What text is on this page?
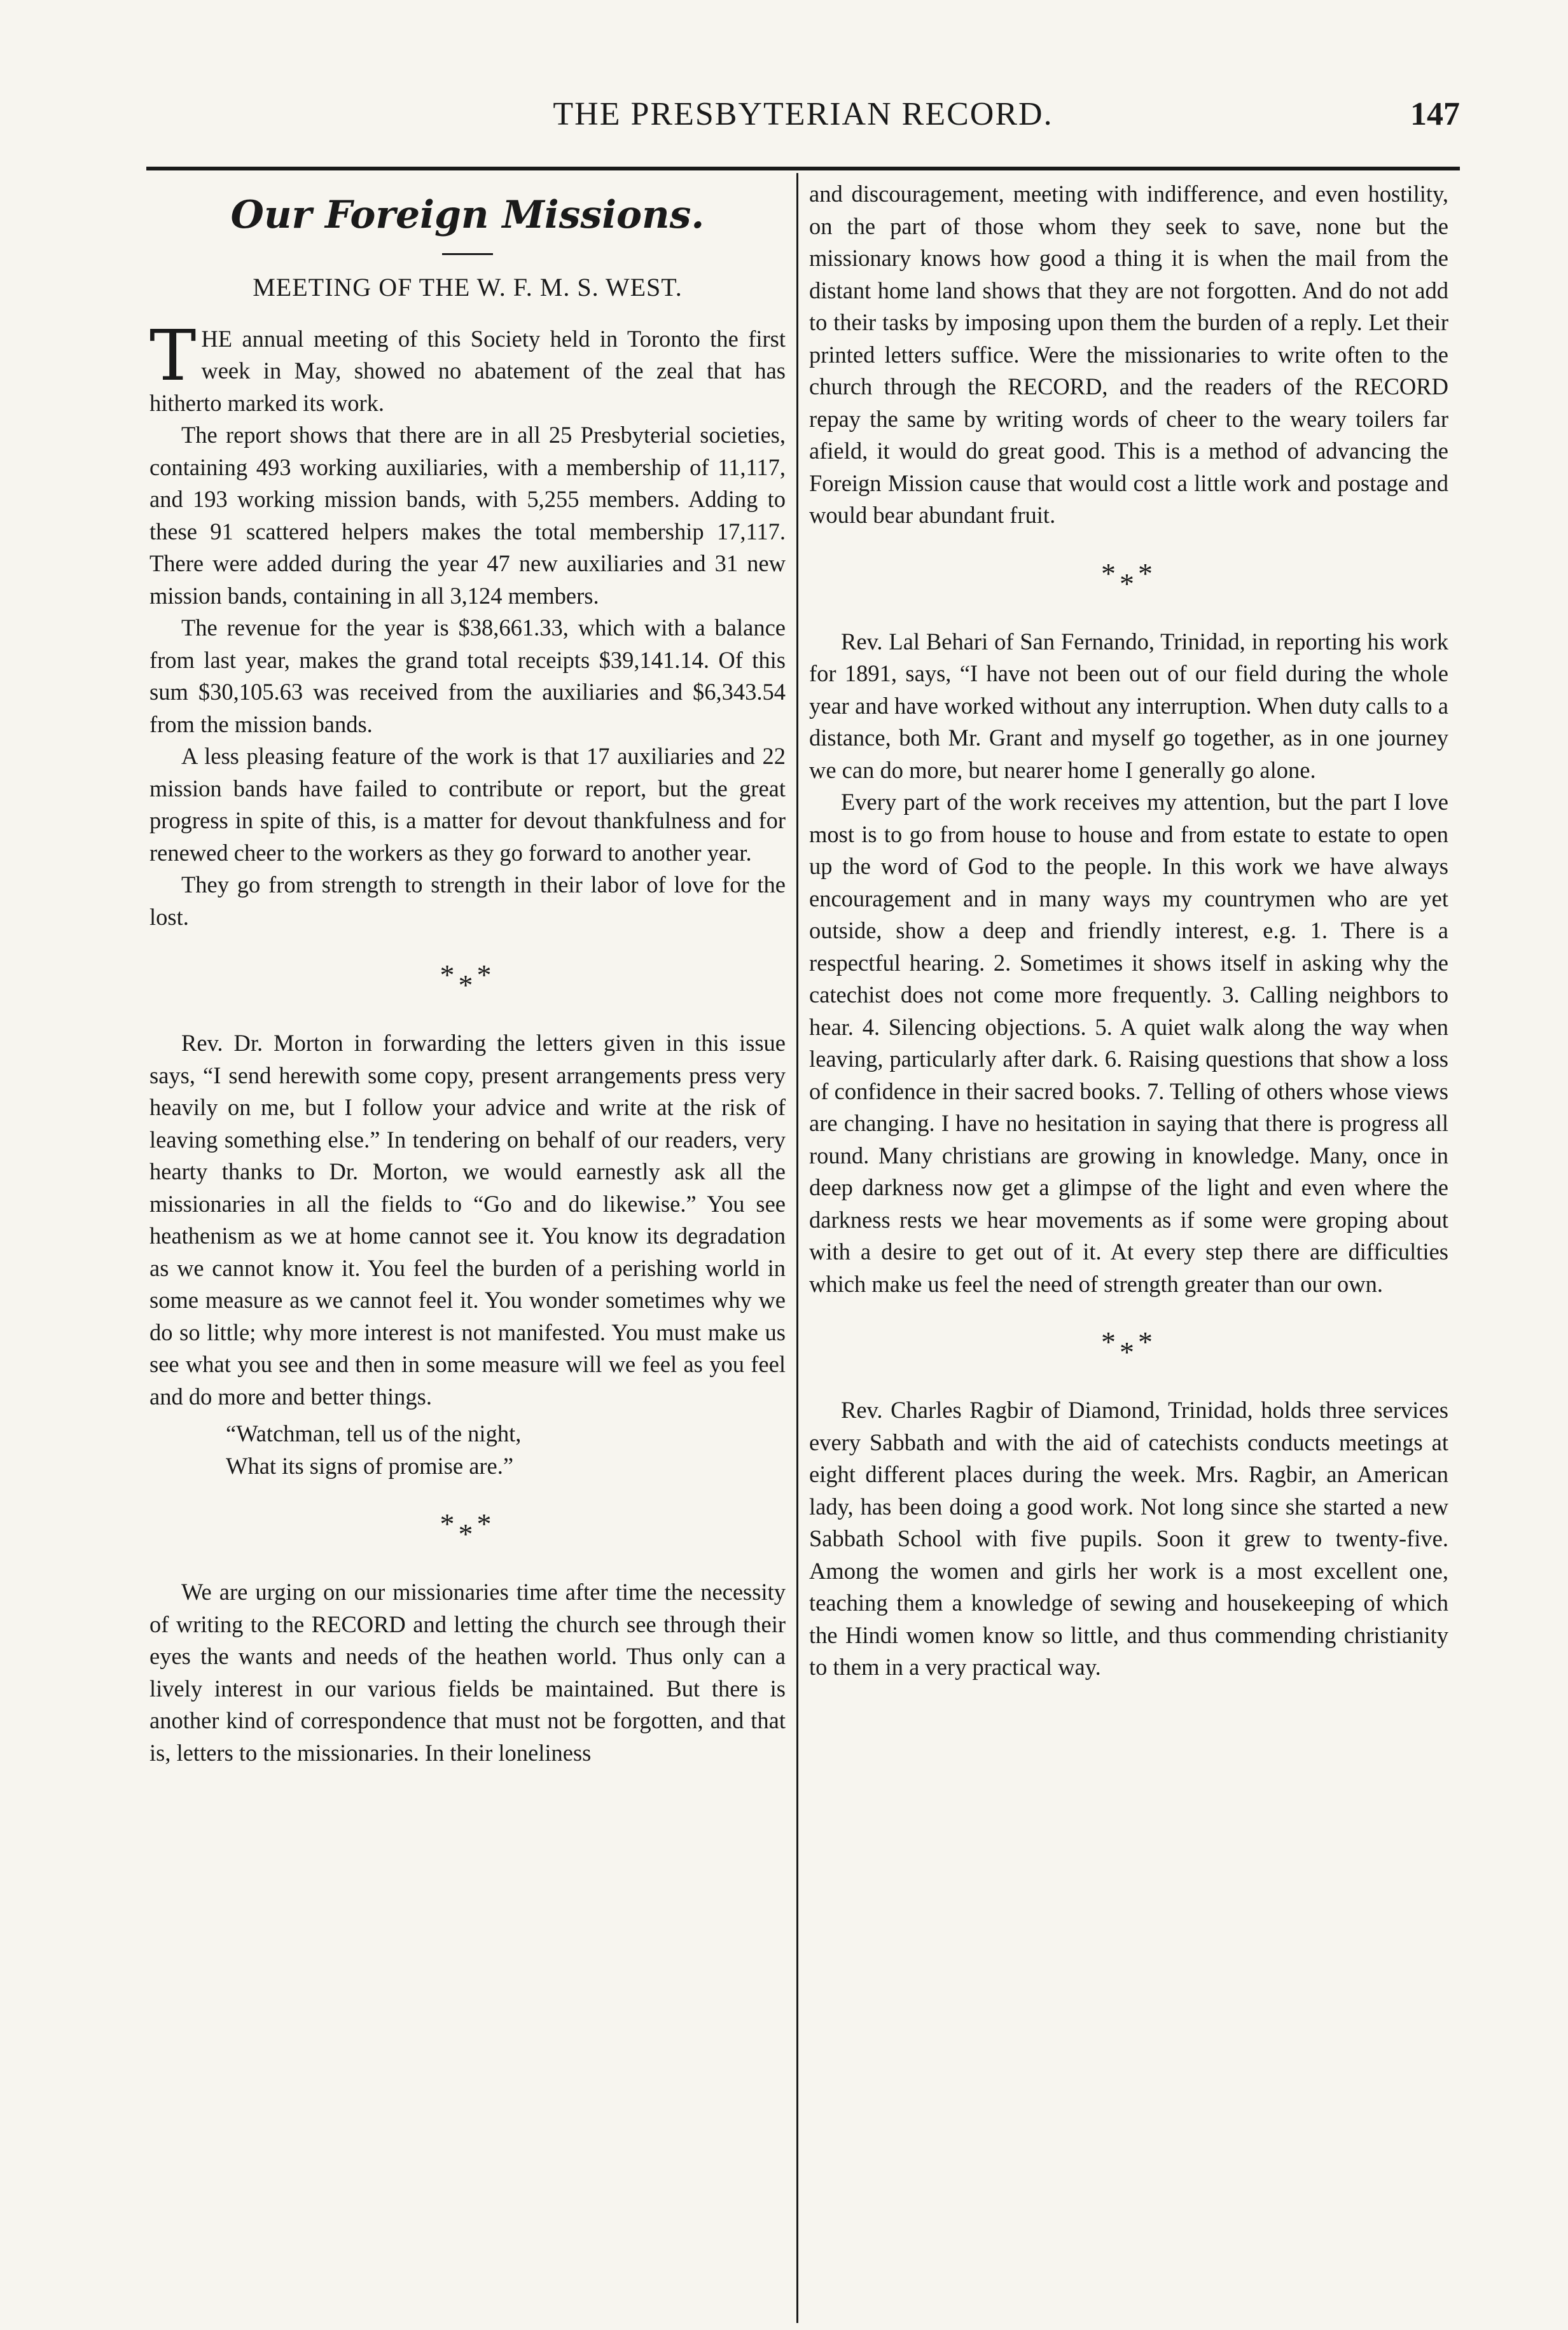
THE PRESBYTERIAN RECORD.	147
Our Foreign Missions.
MEETING OF THE W. F. M. S. WEST.

THE annual meeting of this Society held in Toronto the first week in May, showed no abatement of the zeal that has hitherto marked its work.

The report shows that there are in all 25 Presbyterial societies, containing 493 working auxiliaries, with a membership of 11,117, and 193 working mission bands, with 5,255 members. Adding to these 91 scattered helpers makes the total membership 17,117. There were added during the year 47 new auxiliaries and 31 new mission bands, containing in all 3,124 members.

The revenue for the year is $38,661.33, which with a balance from last year, makes the grand total receipts $39,141.14. Of this sum $30,105.63 was received from the auxiliaries and $6,343.54 from the mission bands.

A less pleasing feature of the work is that 17 auxiliaries and 22 mission bands have failed to contribute or report, but the great progress in spite of this, is a matter for devout thankfulness and for renewed cheer to the workers as they go forward to another year.

They go from strength to strength in their labor of love for the lost.

***

Rev. Dr. Morton in forwarding the letters given in this issue says, “I send herewith some copy, present arrangements press very heavily on me, but I follow your advice and write at the risk of leaving something else.” In tendering on behalf of our readers, very hearty thanks to Dr. Morton, we would earnestly ask all the missionaries in all the fields to “Go and do likewise.” You see heathenism as we at home cannot see it. You know its degradation as we cannot know it. You feel the burden of a perishing world in some measure as we cannot feel it. You wonder sometimes why we do so little; why more interest is not manifested. You must make us see what you see and then in some measure will we feel as you feel and do more and better things.

“Watchman, tell us of the night,
What its signs of promise are.”
***

We are urging on our missionaries time after time the necessity of writing to the RECORD and letting the church see through their eyes the wants and needs of the heathen world. Thus only can a lively interest in our various fields be maintained. But there is another kind of correspondence that must not be forgotten, and that is, letters to the missionaries. In their loneliness

and discouragement, meeting with indifference, and even hostility, on the part of those whom they seek to save, none but the missionary knows how good a thing it is when the mail from the distant home land shows that they are not forgotten. And do not add to their tasks by imposing upon them the burden of a reply. Let their printed letters suffice. Were the missionaries to write often to the church through the RECORD, and the readers of the RECORD repay the same by writing words of cheer to the weary toilers far afield, it would do great good. This is a method of advancing the Foreign Mission cause that would cost a little work and postage and would bear abundant fruit.

***

Rev. Lal Behari of San Fernando, Trinidad, in reporting his work for 1891, says, “I have not been out of our field during the whole year and have worked without any interruption. When duty calls to a distance, both Mr. Grant and myself go together, as in one journey we can do more, but nearer home I generally go alone.

Every part of the work receives my attention, but the part I love most is to go from house to house and from estate to estate to open up the word of God to the people. In this work we have always encouragement and in many ways my countrymen who are yet outside, show a deep and friendly interest, e.g. 1. There is a respectful hearing. 2. Sometimes it shows itself in asking why the catechist does not come more frequently. 3. Calling neighbors to hear. 4. Silencing objections. 5. A quiet walk along the way when leaving, particularly after dark. 6. Raising questions that show a loss of confidence in their sacred books. 7. Telling of others whose views are changing. I have no hesitation in saying that there is progress all round. Many christians are growing in knowledge. Many, once in deep darkness now get a glimpse of the light and even where the darkness rests we hear movements as if some were groping about with a desire to get out of it. At every step there are difficulties which make us feel the need of strength greater than our own.

***

Rev. Charles Ragbir of Diamond, Trinidad, holds three services every Sabbath and with the aid of catechists conducts meetings at eight different places during the week. Mrs. Ragbir, an American lady, has been doing a good work. Not long since she started a new Sabbath School with five pupils. Soon it grew to twenty-five. Among the women and girls her work is a most excellent one, teaching them a knowledge of sewing and housekeeping of which the Hindi women know so little, and thus commending christianity to them in a very practical way.
